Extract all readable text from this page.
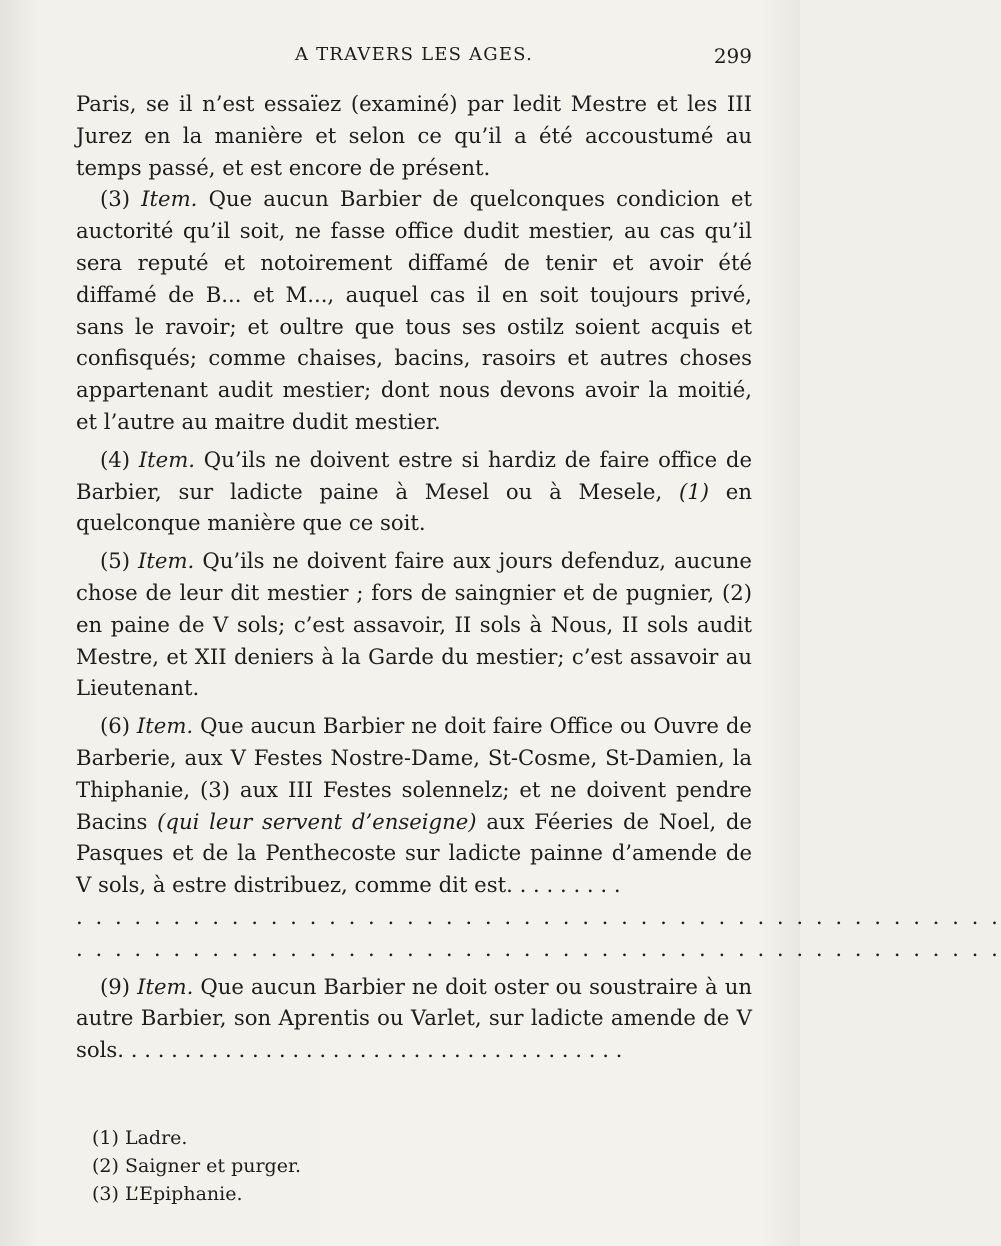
A TRAVERS LES AGES.	299

Paris, se il n’est essaïez (examiné) par ledit Mestre et les III Jurez en la manière et selon ce qu’il a été accoustumé au temps passé, et est encore de présent.

(3) Item. Que aucun Barbier de quelconques condicion et auctorité qu’il soit, ne fasse office dudit mestier, au cas qu’il sera reputé et notoirement diffamé de tenir et avoir été diffamé de B... et M..., auquel cas il en soit toujours privé, sans le ravoir; et oultre que tous ses ostilz soient acquis et confisqués; comme chaises, bacins, rasoirs et autres choses appartenant audit mestier; dont nous devons avoir la moitié, et l’autre au maitre dudit mestier.

(4) Item. Qu’ils ne doivent estre si hardiz de faire office de Barbier, sur ladicte paine à Mesel ou à Mesele, (1) en quelconque manière que ce soit.

(5) Item. Qu’ils ne doivent faire aux jours defenduz, aucune chose de leur dit mestier ; fors de saingnier et de pugnier, (2) en paine de V sols; c’est assavoir, II sols à Nous, II sols audit Mestre, et XII deniers à la Garde du mestier; c’est assavoir au Lieutenant.

(6) Item. Que aucun Barbier ne doit faire Office ou Ouvre de Barberie, aux V Festes Nostre-Dame, St-Cosme, St-Damien, la Thiphanie, (3) aux III Festes solennelz; et ne doivent pendre Bacins (qui leur servent d’enseigne) aux Féeries de Noel, de Pasques et de la Penthecoste sur ladicte painne d’amende de V sols, à estre distribuez, comme dit est. . . . . . . . .

. . . . . . . . . . . . . . . . . . . . . . . . . . . . . . . . . . . . . . . . . . . . . . . .

. . . . . . . . . . . . . . . . . . . . . . . . . . . . . . . . . . . . . . . . . . . . . . . .

(9) Item. Que aucun Barbier ne doit oster ou soustraire à un autre Barbier, son Aprentis ou Varlet, sur ladicte amende de V sols. . . . . . . . . . . . . . . . . . . . . . . . . . . . . . . . . . . . . .

(1) Ladre.
(2) Saigner et purger.
(3) L’Epiphanie.
